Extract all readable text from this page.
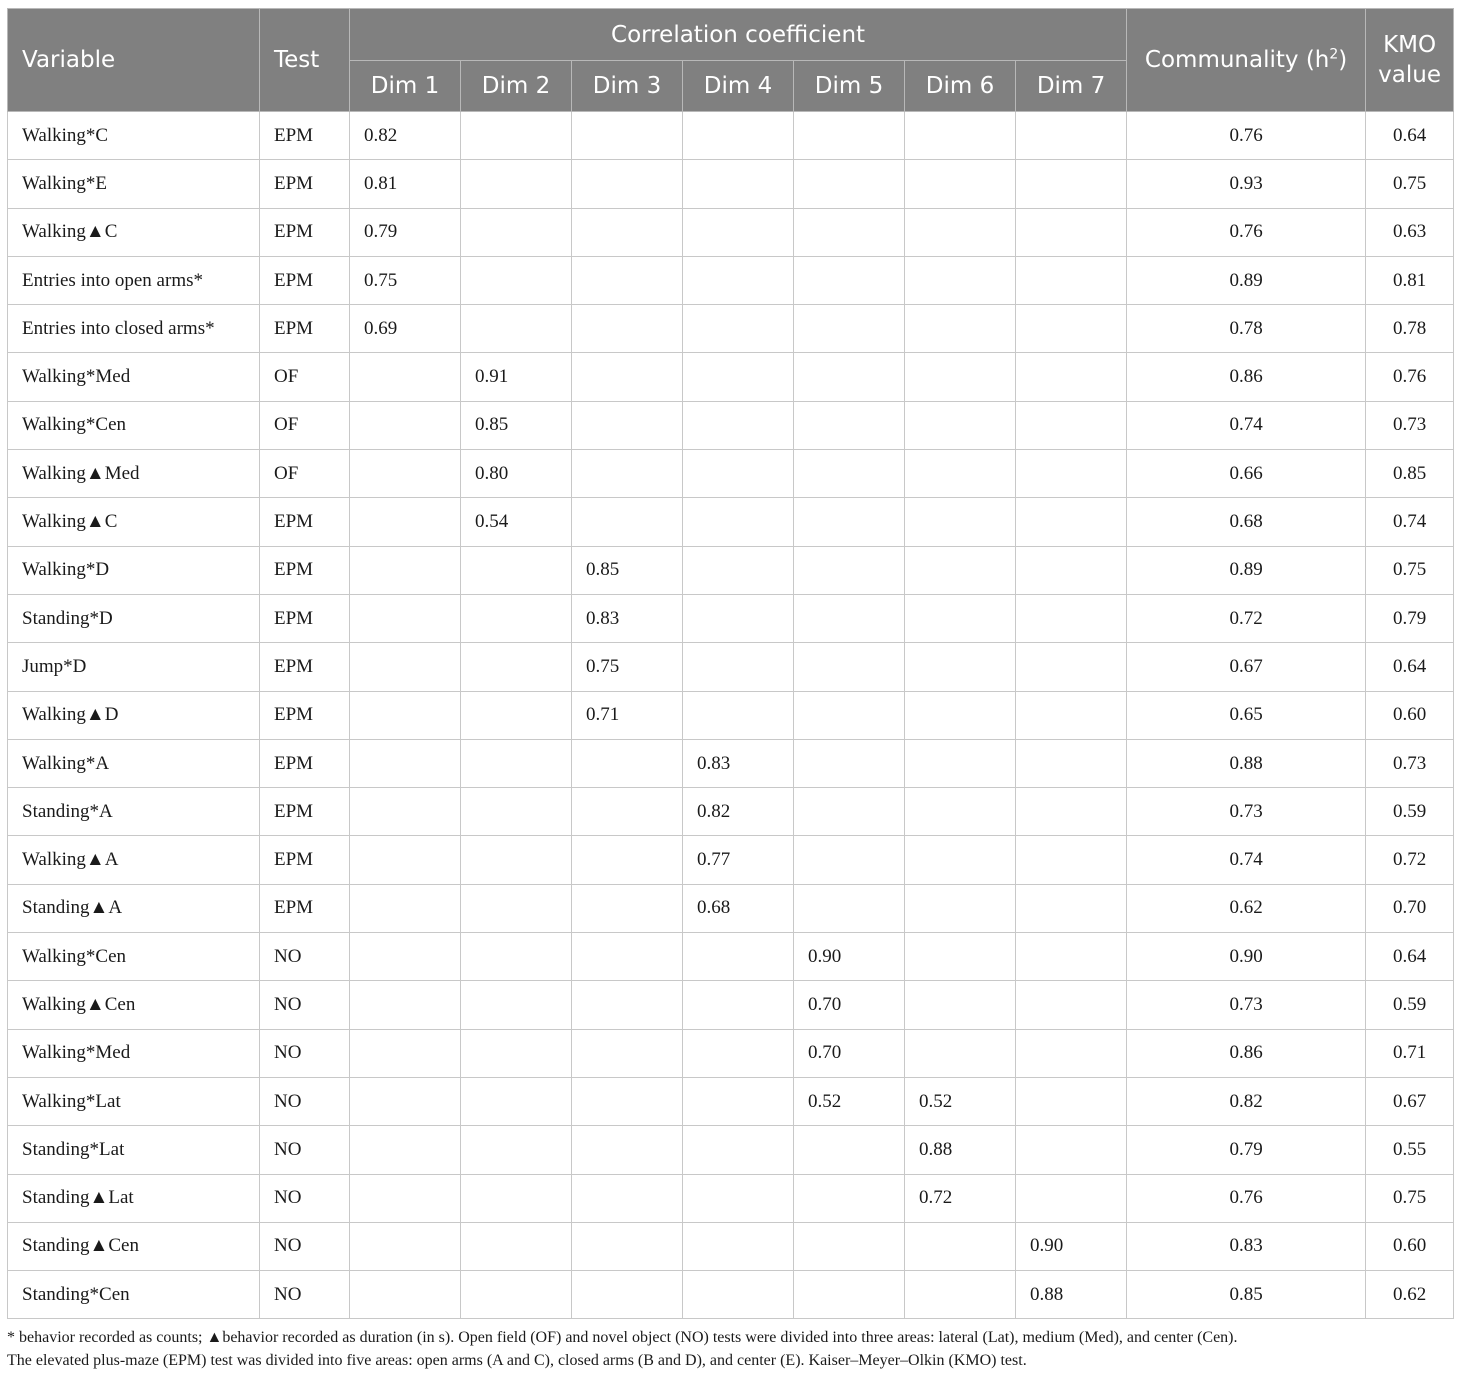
Variable	Test	Correlation coefficient							Communality $(h^2)$	KMO
value
		Dim 1	Dim 2	Dim 3	Dim 4	Dim 5	Dim 6	Dim 7		
Walking*C	EPM	0.82							0.76	0.64
Walking*E	EPM	0.81							0.93	0.75
Walking▲C	EPM	0.79							0.76	0.63
Entries into open arms*	EPM	0.75							0.89	0.81
Entries into closed arms*	EPM	0.69							0.78	0.78
Walking*Med	OF		0.91						0.86	0.76
Walking*Cen	OF		0.85						0.74	0.73
Walking▲Med	OF		0.80						0.66	0.85
Walking▲C	EPM		0.54						0.68	0.74
Walking*D	EPM			0.85					0.89	0.75
Standing*D	EPM			0.83					0.72	0.79
Jump*D	EPM			0.75					0.67	0.64
Walking▲D	EPM			0.71					0.65	0.60
Walking*A	EPM				0.83				0.88	0.73
Standing*A	EPM				0.82				0.73	0.59
Walking▲A	EPM				0.77				0.74	0.72
Standing▲A	EPM				0.68				0.62	0.70
Walking*Cen	NO					0.90			0.90	0.64
Walking▲Cen	NO					0.70			0.73	0.59
Walking*Med	NO					0.70			0.86	0.71
Walking*Lat	NO					0.52	0.52		0.82	0.67
Standing*Lat	NO						0.88		0.79	0.55
Standing▲Lat	NO						0.72		0.76	0.75
Standing▲Cen	NO							0.90	0.83	0.60
Standing*Cen	NO							0.88	0.85	0.62
* behavior recorded as counts; ▲behavior recorded as duration (in s). Open field (OF) and novel object (NO) tests were divided into three areas: lateral (Lat), medium (Med), and center (Cen).
The elevated plus-maze (EPM) test was divided into five areas: open arms (A and C), closed arms (B and D), and center (E). Kaiser–Meyer–Olkin (KMO) test.
